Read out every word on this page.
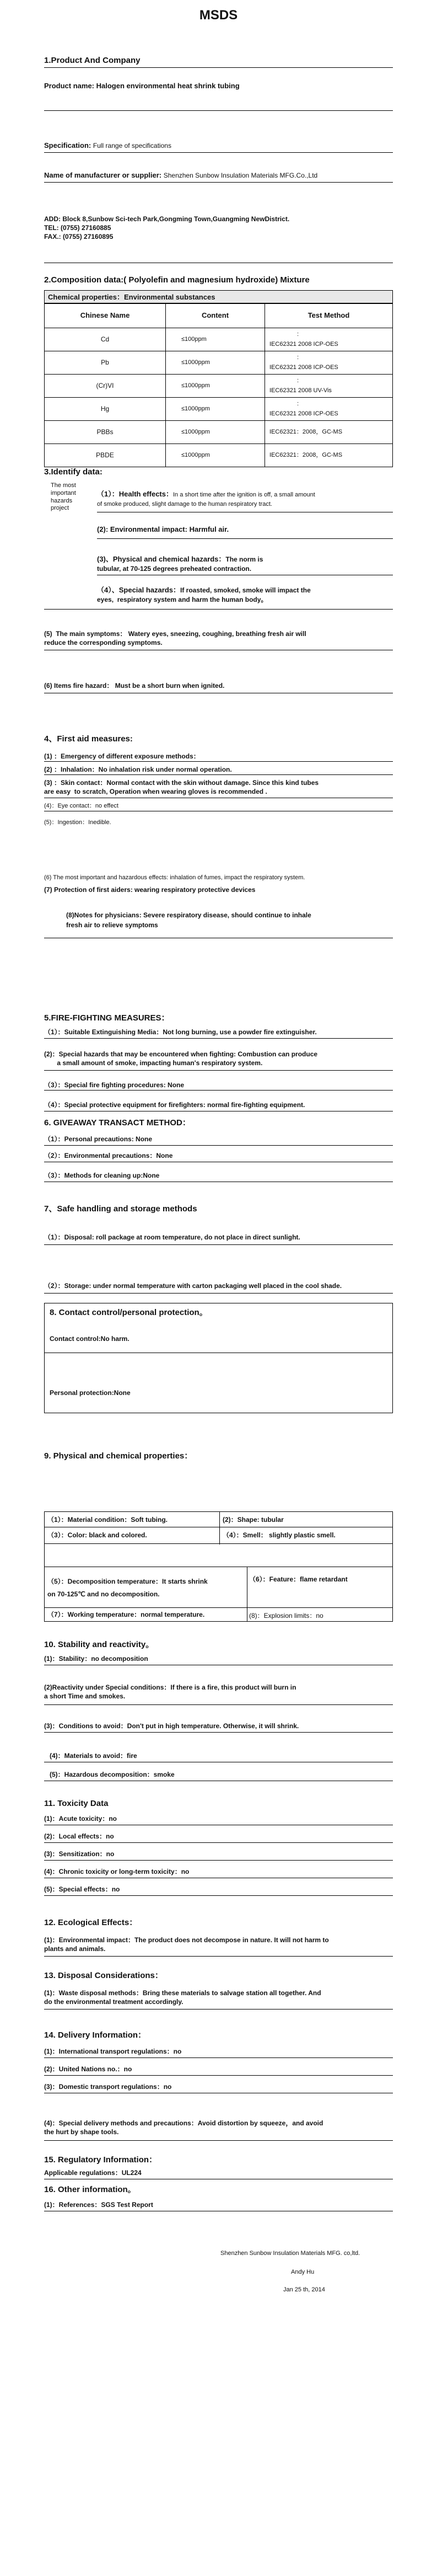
MSDS
1.Product And Company
Product name: Halogen environmental heat shrink tubing
Specification: Full range of specifications
Name of manufacturer or supplier: Shenzhen Sunbow Insulation Materials MFG.Co.,Ltd
ADD: Block 8,Sunbow Sci-tech Park,Gongming Town,Guangming NewDistrict.
TEL: (0755) 27160885
FAX.: (0755) 27160895
2.Composition data:( Polyolefin and magnesium hydroxide) Mixture
Chemical properties：Environmental substances
Chinese Name	Content	Test Method
Cd	≤100ppm	:
IEC62321 2008 ICP-OES

Pb	≤1000ppm	:
IEC62321 2008 ICP-OES

(Cr)VI	≤1000ppm	:
IEC62321 2008 UV-Vis

Hg	≤1000ppm	:
IEC62321 2008 ICP-OES

PBBs	≤1000ppm	IEC62321：2008，GC-MS

PBDE	≤1000ppm	IEC62321：2008，GC-MS
3.Identify data:
The most
important
hazards
project
（1）：Health effects：In a short time after the ignition is off, a small amount
of smoke produced, slight damage to the human respiratory tract.
(2): Environmental impact: Harmful air.
(3)、Physical and chemical hazards：The norm is
tubular, at 70-125 degrees preheated contraction.
（4）、Special hazards：If roasted, smoked, smoke will impact the
eyes,  respiratory system and harm the human body。
(5)  The main symptoms： Watery eyes, sneezing, coughing, breathing fresh air will
reduce the corresponding symptoms.
(6) Items fire hazard： Must be a short burn when ignited.
4、First aid measures:
(1) ：Emergency of different exposure methods：
(2) ：Inhalation：No inhalation risk under normal operation.
(3) ：Skin contact：Normal contact with the skin without damage. Since this kind tubes
are easy  to scratch, Operation when wearing gloves is recommended .
(4)：Eye contact：no effect
(5)：Ingestion：Inedible.
(6) The most important and hazardous effects: inhalation of fumes, impact the respiratory system.
(7) Protection of first aiders: wearing respiratory protective devices
(8)Notes for physicians: Severe respiratory disease, should continue to inhale
fresh air to relieve symptoms
5.FIRE-FIGHTING MEASURES：
（1）：Suitable Extinguishing Media：Not long burning, use a powder fire extinguisher.
(2)：Special hazards that may be encountered when fighting: Combustion can produce
a small amount of smoke, impacting human's respiratory system.
（3）：Special fire fighting procedures: None
（4）：Special protective equipment for firefighters: normal fire-fighting equipment.
6. GIVEAWAY TRANSACT METHOD：
（1）：Personal precautions: None
（2）：Environmental precautions：None
（3）：Methods for cleaning up:None
7、Safe handling and storage methods
（1）：Disposal: roll package at room temperature, do not place in direct sunlight.
（2）：Storage: under normal temperature with carton packaging well placed in the cool shade.
8. Contact control/personal protection。
Contact control:No harm.
Personal protection:None
9. Physical and chemical properties：
（1）：Material condition：Soft tubing.	(2)：Shape: tubular
（3）：Color: black and colored.	（4）：Smell： slightly plastic smell.
（5）：Decomposition temperature：It starts shrink
on 70-125℃ and no decomposition.
（6）：Feature：flame retardant
（7）：Working temperature：normal temperature.	(8)：Explosion limits：no
10. Stability and reactivity。
(1)：Stability：no decomposition
(2)Reactivity under Special conditions：If there is a fire, this product will burn in
a short Time and smokes.
(3)：Conditions to avoid：Don't put in high temperature. Otherwise, it will shrink.
(4)：Materials to avoid：fire
(5)：Hazardous decomposition：smoke
11. Toxicity Data
(1)：Acute toxicity：no
(2)：Local effects：no
(3)：Sensitization：no
(4)：Chronic toxicity or long-term toxicity：no
(5)：Special effects：no
12. Ecological Effects：
(1)：Environmental impact：The product does not decompose in nature. It will not harm to
plants and animals.
13. Disposal Considerations：
(1)：Waste disposal methods：Bring these materials to salvage station all together. And
do the environmental treatment accordingly.
14. Delivery Information：
(1)：International transport regulations：no
(2)：United Nations no.：no
(3)：Domestic transport regulations：no
(4)：Special delivery methods and precautions：Avoid distortion by squeeze，and avoid
the hurt by shape tools.
15. Regulatory Information：
Applicable regulations：UL224
16. Other information。
(1)：References：SGS Test Report
Shenzhen Sunbow Insulation Materials MFG. co,ltd.
Andy Hu
Jan 25 th, 2014
